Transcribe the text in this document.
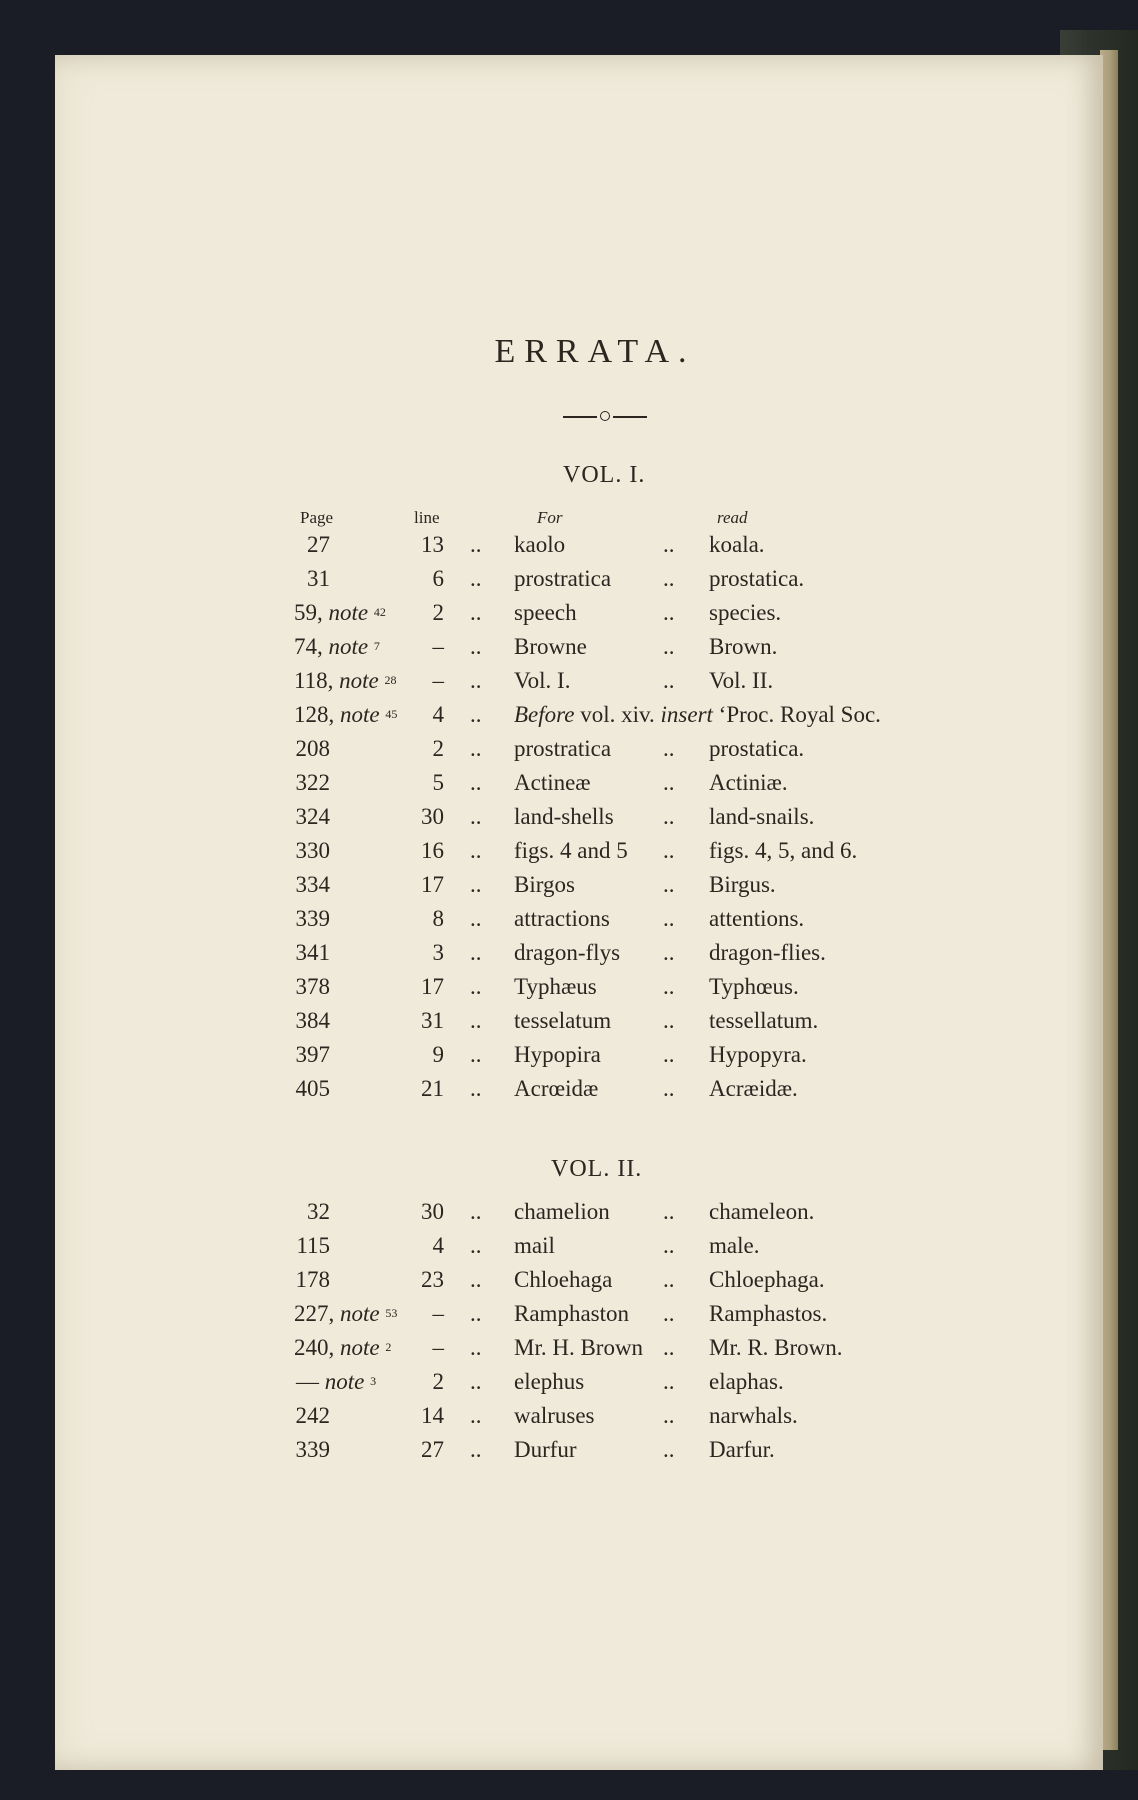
ERRATA.
VOL. I.
Page	line	For	read
27	13 .. kaolo	.. koala.
31	6 .. prostratica .. prostatica.
59, note $^{42}$	2 .. speech	.. species.
74, note $^7$	– .. Browne	.. Brown.
118, note $^{28}$	– .. Vol. I.	.. Vol. II.
128, note $^{45}$	4 .. Before vol. xiv. insert ‘Proc. Royal Soc.
208	2 .. prostratica .. prostatica.
322	5 .. Actineæ	.. Actiniæ.
324	30 .. land-shells .. land-snails.
330	16 .. figs. 4 and 5 .. figs. 4, 5, and 6.
334	17 .. Birgos	.. Birgus.
339	8 .. attractions .. attentions.
341	3 .. dragon-flys .. dragon-flies.
378	17 .. Typhæus	.. Typhœus.
384	31 .. tesselatum .. tessellatum.
397	9 .. Hypopira	.. Hypopyra.
405	21 .. Acrœidæ	.. Acræidæ.
VOL. II.
32	30 .. chamelion .. chameleon.
115	4 .. mail	.. male.
178	23 .. Chloehaga .. Chloephaga.
227, note $^{53}$	– .. Ramphaston .. Ramphastos.
240, note $^2$	– .. Mr. H. Brown .. Mr. R. Brown.
— note $^3$	2 .. elephus	.. elaphas.
242	14 .. walruses	.. narwhals.
339	27 .. Durfur	.. Darfur.
